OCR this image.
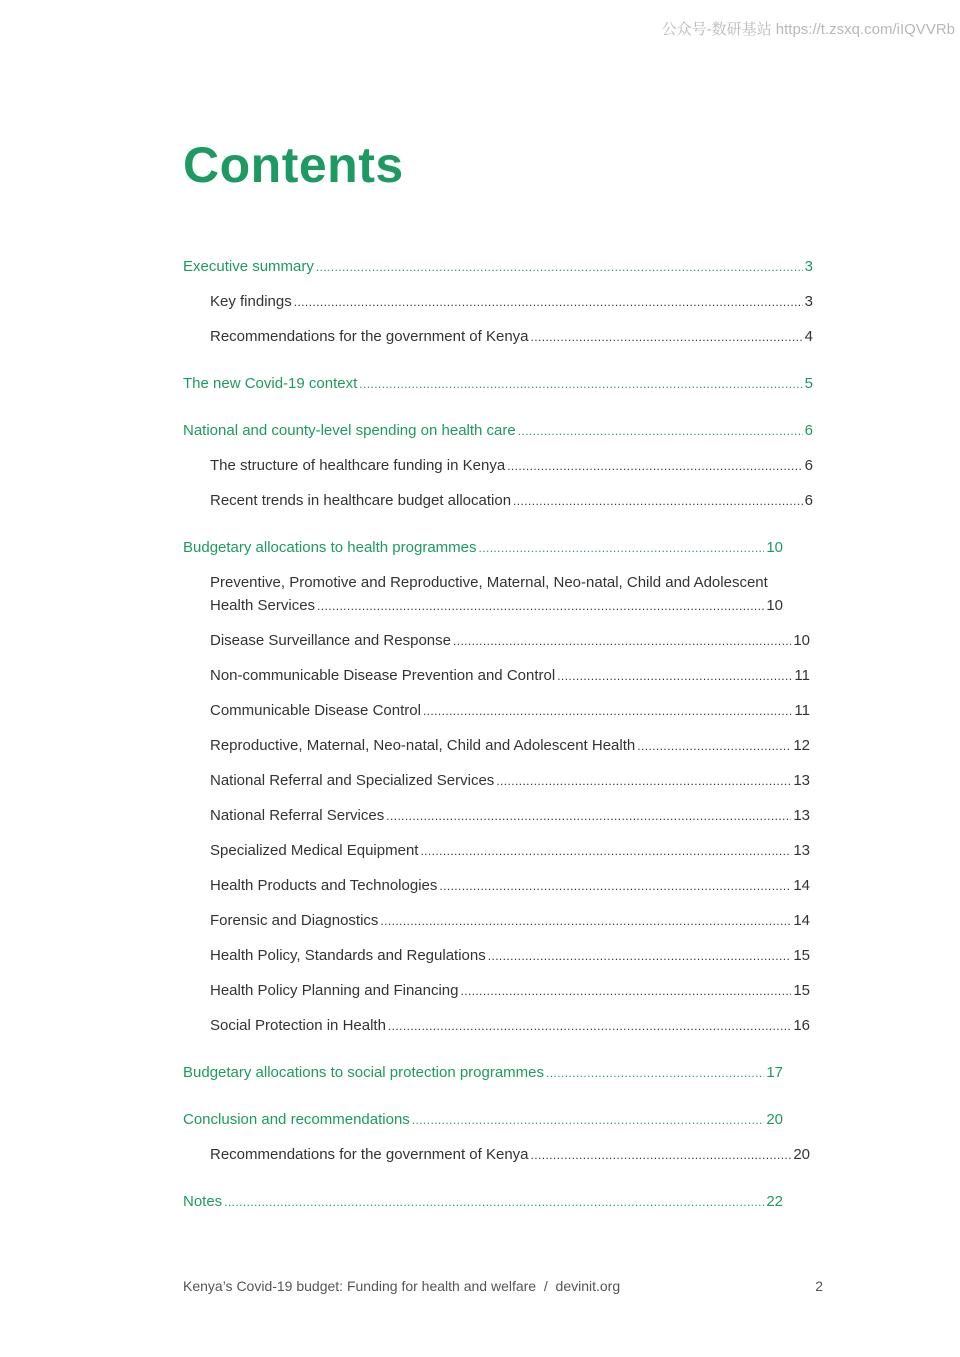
公众号-数研基站 https://t.zsxq.com/iIQVVRb
Contents
Executive summary .....	3
Key findings .....	3
Recommendations for the government of Kenya .....	4
The new Covid-19 context .....	5
National and county-level spending on health care .....	6
The structure of healthcare funding in Kenya .....	6
Recent trends in healthcare budget allocation .....	6
Budgetary allocations to health programmes .....	10
Preventive, Promotive and Reproductive, Maternal, Neo-natal, Child and Adolescent
Health Services .....	10
Disease Surveillance and Response .....	10
Non-communicable Disease Prevention and Control .....	11
Communicable Disease Control .....	11
Reproductive, Maternal, Neo-natal, Child and Adolescent Health .....	12
National Referral and Specialized Services .....	13
National Referral Services .....	13
Specialized Medical Equipment .....	13
Health Products and Technologies .....	14
Forensic and Diagnostics .....	14
Health Policy, Standards and Regulations .....	15
Health Policy Planning and Financing .....	15
Social Protection in Health .....	16
Budgetary allocations to social protection programmes .....	17
Conclusion and recommendations .....	20
Recommendations for the government of Kenya .....	20
Notes .....	22
Kenya’s Covid-19 budget: Funding for health and welfare  /  devinit.org	2
